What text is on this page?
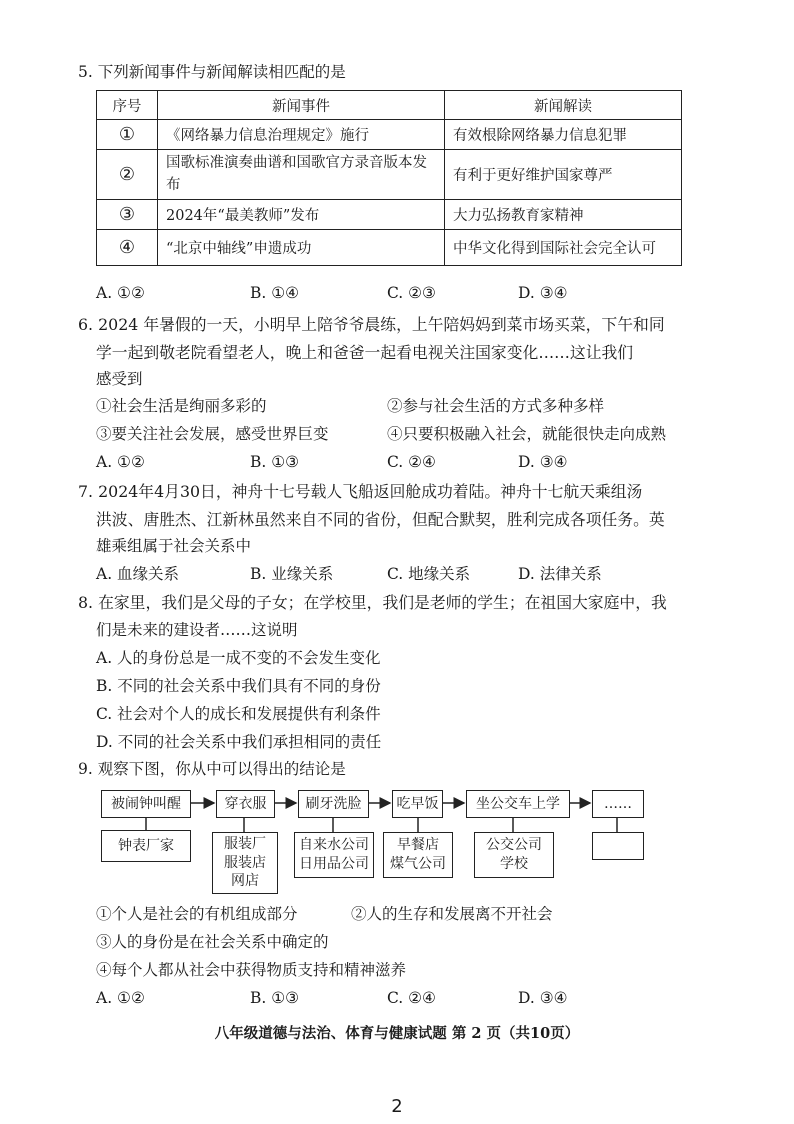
5. 下列新闻事件与新闻解读相匹配的是
序号	新闻事件	新闻解读
①	《网络暴力信息治理规定》施行	有效根除网络暴力信息犯罪
②	国歌标准演奏曲谱和国歌官方录音版本发布	有利于更好维护国家尊严
③	2024年“最美教师”发布	大力弘扬教育家精神
④	“北京中轴线”申遗成功	中华文化得到国际社会完全认可
A. ①②	B. ①④	C. ②③	D. ③④
6. 2024 年暑假的一天，小明早上陪爷爷晨练，上午陪妈妈到菜市场买菜，下午和同
学一起到敬老院看望老人，晚上和爸爸一起看电视关注国家变化……这让我们
感受到
①社会生活是绚丽多彩的	②参与社会生活的方式多种多样
③要关注社会发展，感受世界巨变	④只要积极融入社会，就能很快走向成熟
A. ①②	B. ①③	C. ②④	D. ③④
7. 2024年4月30日，神舟十七号载人飞船返回舱成功着陆。神舟十七航天乘组汤
洪波、唐胜杰、江新林虽然来自不同的省份，但配合默契，胜利完成各项任务。英
雄乘组属于社会关系中
A. 血缘关系	B. 业缘关系	C. 地缘关系	D. 法律关系
8. 在家里，我们是父母的子女；在学校里，我们是老师的学生；在祖国大家庭中，我
们是未来的建设者……这说明
A. 人的身份总是一成不变的不会发生变化
B. 不同的社会关系中我们具有不同的身份
C. 社会对个人的成长和发展提供有利条件
D. 不同的社会关系中我们承担相同的责任
9. 观察下图，你从中可以得出的结论是
被闹钟叫醒	穿衣服	刷牙洗脸	吃早饭	坐公交车上学	……
钟表厂家	服装厂
服装店
网店
自来水公司
日用品公司
早餐店
煤气公司
公交公司
学校
①个人是社会的有机组成部分	②人的生存和发展离不开社会
③人的身份是在社会关系中确定的
④每个人都从社会中获得物质支持和精神滋养
A. ①②	B. ①③	C. ②④	D. ③④
八年级道德与法治、体育与健康试题 第 2 页（共10页）
2
